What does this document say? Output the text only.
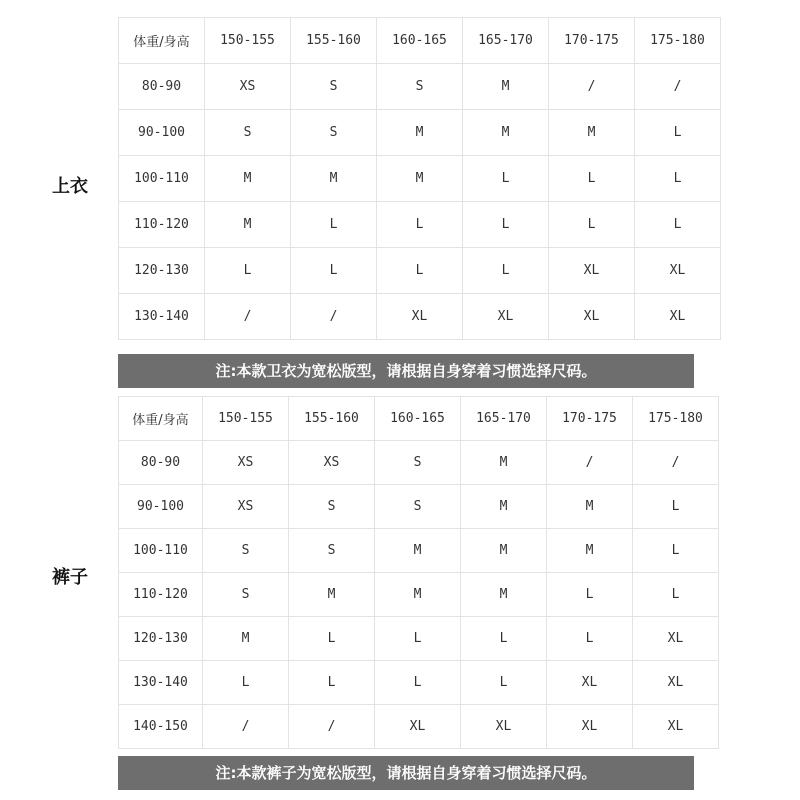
上衣
体重/身高	150-155	155-160	160-165	165-170	170-175	175-180
80-90	XS	S	S	M	/	/
90-100	S	S	M	M	M	L
100-110	M	M	M	L	L	L
110-120	M	L	L	L	L	L
120-130	L	L	L	L	XL	XL
130-140	/	/	XL	XL	XL	XL
注:本款卫衣为宽松版型，请根据自身穿着习惯选择尺码。
裤子
体重/身高	150-155	155-160	160-165	165-170	170-175	175-180
80-90	XS	XS	S	M	/	/
90-100	XS	S	S	M	M	L
100-110	S	S	M	M	M	L
110-120	S	M	M	M	L	L
120-130	M	L	L	L	L	XL
130-140	L	L	L	L	XL	XL
140-150	/	/	XL	XL	XL	XL
注:本款裤子为宽松版型，请根据自身穿着习惯选择尺码。
